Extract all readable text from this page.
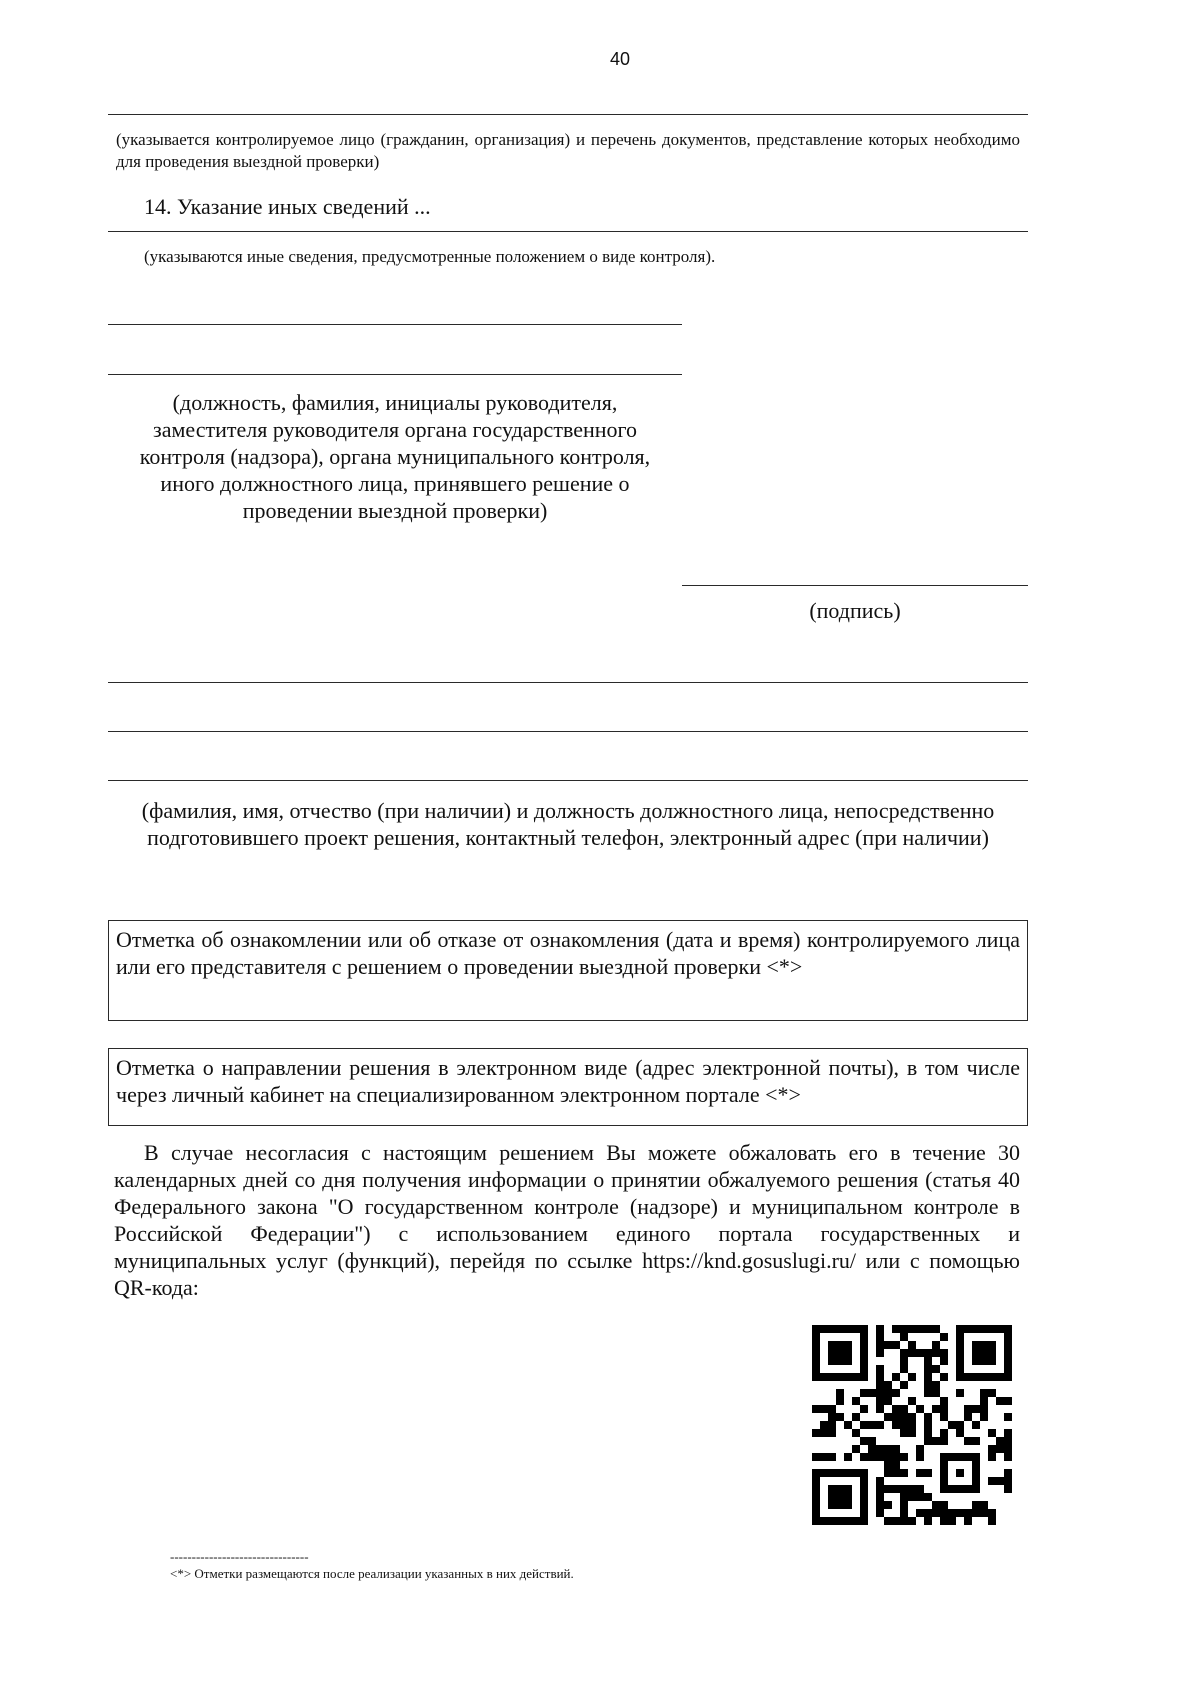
40
(указывается контролируемое лицо (гражданин, организация) и перечень документов, представление которых необходимо для проведения выездной проверки)
14. Указание иных сведений ...
(указываются иные сведения, предусмотренные положением о виде контроля).
(должность, фамилия, инициалы руководителя, заместителя руководителя органа государственного контроля (надзора), органа муниципального контроля, иного должностного лица, принявшего решение о проведении выездной проверки)
(подпись)
(фамилия, имя, отчество (при наличии) и должность должностного лица, непосредственно подготовившего проект решения, контактный телефон, электронный адрес (при наличии)
Отметка об ознакомлении или об отказе от ознакомления (дата и время) контролируемого лица или его представителя с решением о проведении выездной проверки <*>
Отметка о направлении решения в электронном виде (адрес электронной почты), в том числе через личный кабинет на специализированном электронном портале <*>
В случае несогласия с настоящим решением Вы можете обжаловать его в течение 30 календарных дней со дня получения информации о принятии обжалуемого решения (статья 40 Федерального закона "О государственном контроле (надзоре) и муниципальном контроле в Российской Федерации") с использованием единого портала государственных и муниципальных услуг (функций), перейдя по ссылке https://knd.gosuslugi.ru/ или с помощью QR-кода:
--------------------------------
<*> Отметки размещаются после реализации указанных в них действий.
